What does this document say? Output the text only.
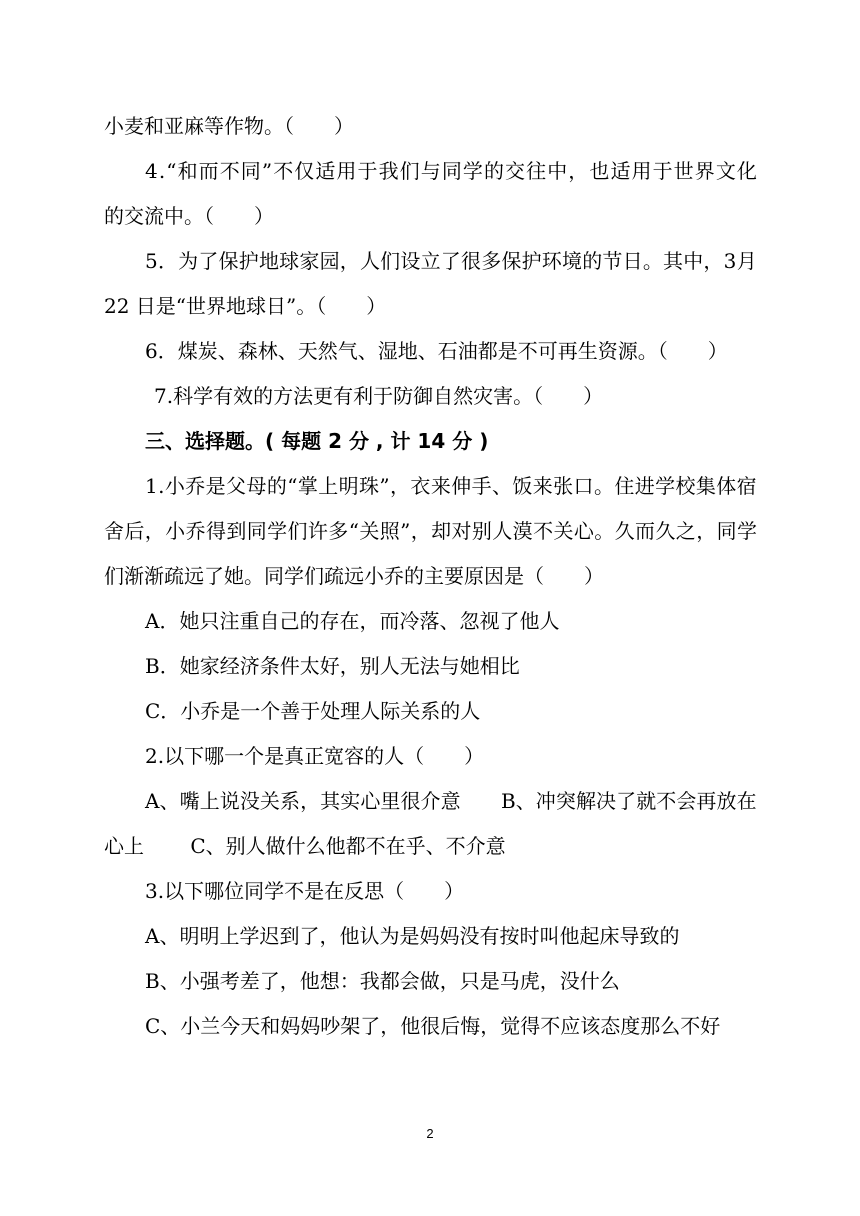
小麦和亚麻等作物。（　　）
4 . “ 和 而 不 同 ” 不 仅 适 用 于 我 们 与 同 学 的 交 往 中 ， 也 适 用 于 世 界 文 化
的交流中。（　　）
5 ． 为 了 保 护 地 球 家 园 ， 人 们 设 立 了 很 多 保 护 环 境 的 节 日 。 其 中 ， 3 月
22 日是“世界地球日”。（　　）
6．煤炭、森林、天然气、湿地、石油都是不可再生资源。（　　）
7.科学有效的方法更有利于防御自然灾害。（　　）
三、选择题。( 每题 2 分 , 计 14 分 )
1 . 小 乔 是 父 母 的 “ 掌 上 明 珠 ” ， 衣 来 伸 手 、 饭 来 张 口 。 住 进 学 校 集 体 宿
舍 后 ， 小 乔 得 到 同 学 们 许 多 “ 关 照 ” ， 却 对 别 人 漠 不 关 心 。 久 而 久 之 ， 同 学
们渐渐疏远了她。同学们疏远小乔的主要原因是（　　）
A．她只注重自己的存在，而冷落、忽视了他人
B．她家经济条件太好，别人无法与她相比
C．小乔是一个善于处理人际关系的人
2.以下哪一个是真正宽容的人（　　）
A 、 嘴 上 说 没 关 系 ， 其 实 心 里 很 介 意

　 B 、 冲 突 解 决 了 就 不 会 再 放 在
心上　　 C、别人做什么他都不在乎、不介意
3.以下哪位同学不是在反思（　　）
A、明明上学迟到了，他认为是妈妈没有按时叫他起床导致的
B、小强考差了，他想：我都会做，只是马虎，没什么
C、小兰今天和妈妈吵架了，他很后悔，觉得不应该态度那么不好
2
